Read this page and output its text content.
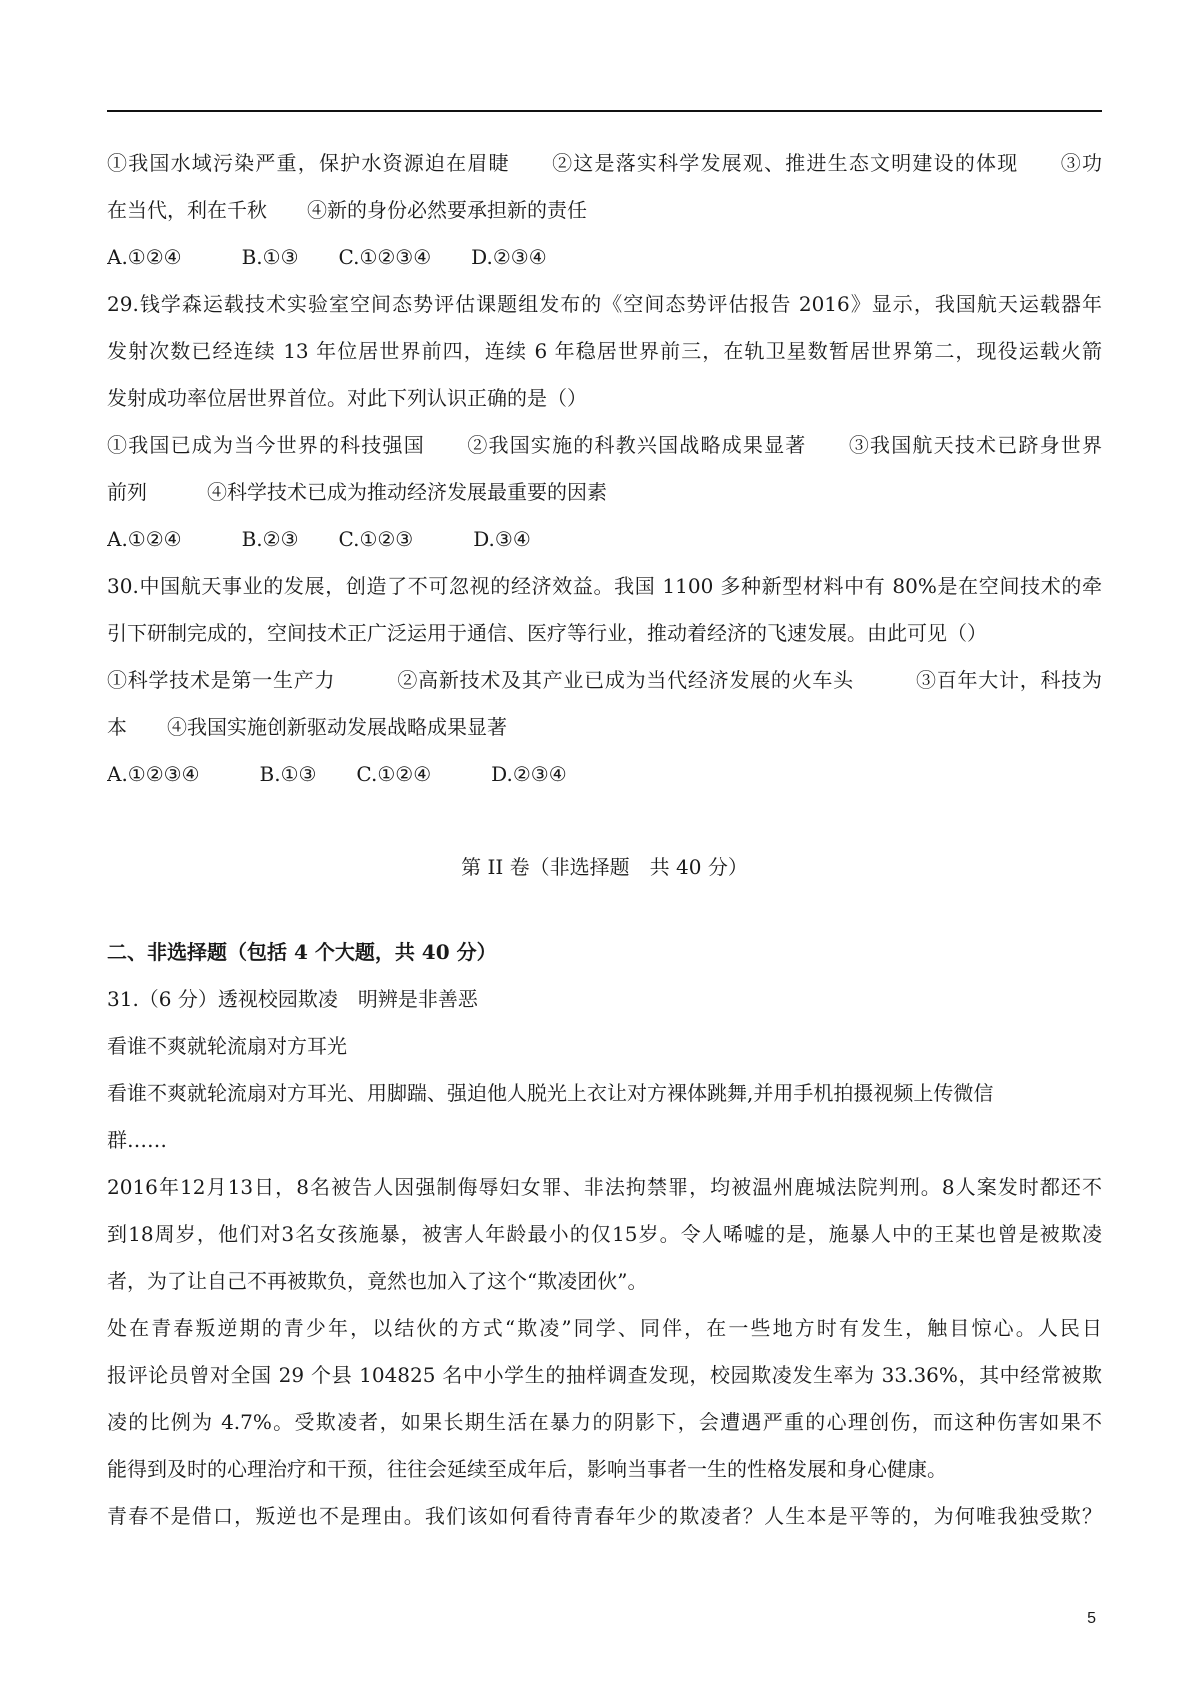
①我国水域污染严重，保护水资源迫在眉睫　　②这是落实科学发展观、推进生态文明建设的体现　　③功
在当代，利在千秋　　④新的身份必然要承担新的责任
A.①②④　　　B.①③　　C.①②③④　　D.②③④
29.钱学森运载技术实验室空间态势评估课题组发布的《空间态势评估报告 2016》显示，我国航天运载器年
发射次数已经连续 13 年位居世界前四，连续 6 年稳居世界前三，在轨卫星数暂居世界第二，现役运载火箭
发射成功率位居世界首位。对此下列认识正确的是（）
①我国已成为当今世界的科技强国　　②我国实施的科教兴国战略成果显著　　③我国航天技术已跻身世界
前列　　　④科学技术已成为推动经济发展最重要的因素
A.①②④　　　B.②③　　C.①②③　　　D.③④
30.中国航天事业的发展，创造了不可忽视的经济效益。我国 1100 多种新型材料中有 80%是在空间技术的牵
引下研制完成的，空间技术正广泛运用于通信、医疗等行业，推动着经济的飞速发展。由此可见（）
①科学技术是第一生产力　　　②高新技术及其产业已成为当代经济发展的火车头　　　③百年大计，科技为
本　　④我国实施创新驱动发展战略成果显著
A.①②③④　　　B.①③　　C.①②④　　　D.②③④
第 II 卷（非选择题　共 40 分）
二、非选择题（包括 4 个大题，共 40 分）
31.（6 分）透视校园欺凌　明辨是非善恶
看谁不爽就轮流扇对方耳光
看谁不爽就轮流扇对方耳光、用脚踹、强迫他人脱光上衣让对方裸体跳舞,并用手机拍摄视频上传微信
群……
2016年12月13日，8名被告人因强制侮辱妇女罪、非法拘禁罪，均被温州鹿城法院判刑。8人案发时都还不
到18周岁，他们对3名女孩施暴，被害人年龄最小的仅15岁。令人唏嘘的是，施暴人中的王某也曾是被欺凌
者，为了让自己不再被欺负，竟然也加入了这个“欺凌团伙”。
处在青春叛逆期的青少年，以结伙的方式“欺凌”同学、同伴，在一些地方时有发生，触目惊心。人民日
报评论员曾对全国 29 个县 104825 名中小学生的抽样调查发现，校园欺凌发生率为 33.36%，其中经常被欺
凌的比例为 4.7%。受欺凌者，如果长期生活在暴力的阴影下，会遭遇严重的心理创伤，而这种伤害如果不
能得到及时的心理治疗和干预，往往会延续至成年后，影响当事者一生的性格发展和身心健康。
青春不是借口，叛逆也不是理由。我们该如何看待青春年少的欺凌者？人生本是平等的，为何唯我独受欺？
5
